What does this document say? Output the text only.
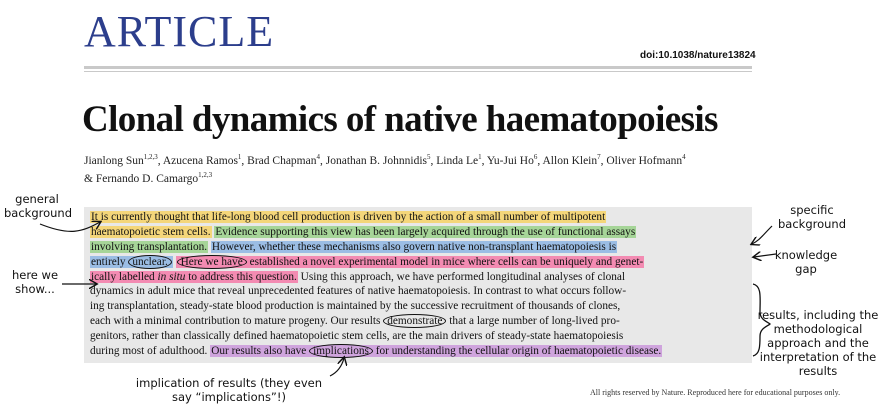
ARTICLE	doi:10.1038/nature13824
Clonal dynamics of native haematopoiesis
Jianlong Sun$^{1,2,3}$, Azucena Ramos$^1$, Brad Chapman$^4$, Jonathan B. Johnnidis$^5$, Linda Le$^1$, Yu-Jui Ho$^6$, Allon Klein$^7$, Oliver Hofmann$^4$
& Fernando D. Camargo$^{1,2,3}$
It is currently thought that life-long blood cell production is driven by the action of a small number of multipotent
haematopoietic stem cells. Evidence supporting this view has been largely acquired through the use of functional assays
involving transplantation. However, whether these mechanisms also govern native non-transplant haematopoiesis is
entirely unclear. Here we have established a novel experimental model in mice where cells can be uniquely and genet-
ically labelled in situ to address this question. Using this approach, we have performed longitudinal analyses of clonal
dynamics in adult mice that reveal unprecedented features of native haematopoiesis. In contrast to what occurs follow-
ing transplantation, steady-state blood production is maintained by the successive recruitment of thousands of clones,
each with a minimal contribution to mature progeny. Our results demonstrate that a large number of long-lived pro-
genitors, rather than classically defined haematopoietic stem cells, are the main drivers of steady-state haematopoiesis
during most of adulthood. Our results also have implications for understanding the cellular origin of haematopoietic disease.
general background
here we show...
specific background
knowledge gap
results, including the methodological approach and the interpretation of the results
implication of results (they even say “implications”!)	All rights reserved by Nature. Reproduced here for educational purposes only.
